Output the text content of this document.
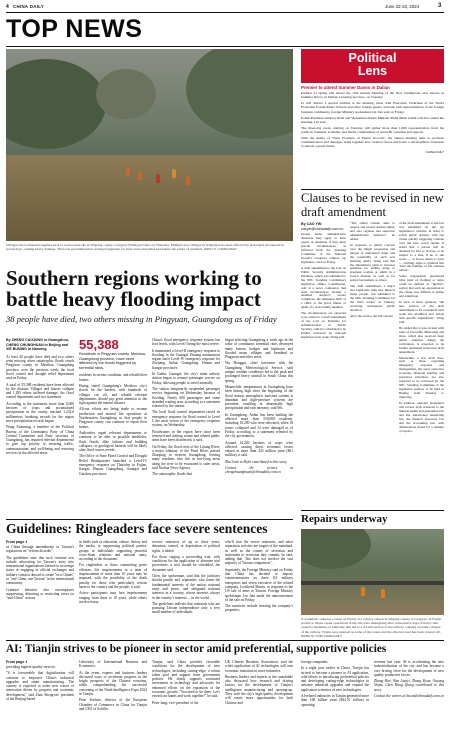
4 CHINA DAILY	June 22-23, 2024	3
TOP NEWS
Villagers move material supplies back to a relocation site in Wujiang county, Longyan (Yulin) province on Thursday. Multiple new villages in Wujiang have been affected by prolonged downpours in recent days, causing heavy damage. The local government has arranged upgrades for land, areas and relief and ensure the safety of residents. ZHOU YI / CHINA DAILY
Southern regions working to battle heavy flooding impact
38 people have died, two others missing in Pingyuan, Guangdong as of Friday
By ZHENG CAIXIONG in Guangzhou,
CHENG CHUNGHUAN in Beijing and
XIE BUNING in Nanning

At least 40 people have died and two others went missing when catastrophic floods struck Pingyuan county in Meizhou, Guangdong province, over the previous week, the local flood control and drought relief department said on Friday.

A total of 55,388 residents have been affected by the disaster. Villages and houses collapse and 1,285 others suffered damage, the flood control department said in a statement.

According to the statement, more than 8,000 hectares of crops and accumulated precipitation in the county reached 1,232.6 millimeters, breaking records for the region since precipitation records began.

Wang Xiaoming, a member of the Political Bureau of the Communist Party of China Central Committee and Party secretary of Guangdong, has required relevant departments to give top priority to ensuring traffic, communication, and well-being and restoring services in the affected areas.

55,388
Residents in Pingyuan county, Meizhou, Guangdong province, have been affected by the floods triggered by torrential rains.

residents in serious condition, and rebuild their homes.

Huang stated Guangdong's Meizhou city's floods hit the hardest, with hundreds of villages cut off, and rebuild relevant departments should pay great attention to the fight against the natural disaster.

All-out efforts are being made to resume production and normal life operations at Northeastern Guangdong so that people in Pingyuan county can continue to repair their homes.

Authorities urged relevant departments to continue to be alert to possible landslides, flash floods, dike failures and building collapses, as geological hazards will be likely after flood waters recede.

The Office of State Flood Control and Drought Relief Headquarters launched a Level-IV emergency response on Thursday in Fujian, Jiangxi, Hunan, Guangdong, Guangxi and Guizhou provinces.

China's flood emergency response system has four levels, with Level I being the most severe.

It maintained a Level-II emergency response to flooding in the Guangxi Zhuang autonomous region and a Level-IV emergency response for Zhejiang, Anhui, Guangdong, Hunan and Jiangxi provinces.

In Guilin, Guangxi, the city's main railway station began to resume passenger service on Friday, allowing people to travel normally.

The station temporarily suspended passenger service beginning on Wednesday because of flooding. Nearly 600 passengers and some stranded waiting area, according to a statement released by the station.

The local flood control department raised its emergency response for flood control to Level I, the most severe of the emergency response system, on Wednesday.

Floodwaters in the region have since been removed and waiting rooms and related public areas have been disinfected, it said.

On Friday, the flood crest of the Lijiang River, a major tributary of the Pearl River, passed Zhaoping in western Guangdong, leaving many residents who live in low-lying areas along the river to be evacuated to safer areas, said Xinhua News Agency.

The catastrophic floods that

began affecting Guangdong a week ago in the wake of continuous torrential rains destroyed many houses, bridges and highways and flooded many villages and farmland in Pingyuan and other areas.

Wu Honggui, chief forecaster with the Guangdong Meteorological Service, said unique weather conditions led to the peak and prolonged heavy rainfall in South China this spring.

Meanwhile, temperatures in Guangdong have been hitting high since the beginning of the flood season, atmospheric moisture content is abundant and high-pressure systems are prevalent, resulting in abnormally high precipitation and rain intensity, said Wu.

In Guangdong, Anhui has been battling the affected more than 550,000 residents, including 10,200 who were relocated, when 18 towns collapsed and 14 were damaged as of Friday, according to a statement released by the city government.

Around 14,240 hectares of crops were affected, causing direct economic losses valued at more than 443 million yuan ($61 million), it said.

Zhu Lixin in Hefei contributed to this story.

Contact the writers at chengchuanghuan@chinadaily.com.cn

Political
Lens
Premier to attend Summer Davos in Dalian

Premier Li Qiang will attend the 15th Annual Meeting of the New Champions, also known as Summer Davos, in Dalian, Liaoning province, on Tuesday.

Li will deliver a special address at the meeting, meet with Executive Chairman of the World Economic Forum Klaus Schwab and other foreign guests, and talk with representatives of the foreign business community, foreign Ministry spokesman Lin Jian said on Friday.

Polish President Andrzej Duda and Vietnamese Prime Minister Pham Minh Chinh will also attend the meeting, Lin said.

The three-day event, starting on Tuesday, will gather more than 1,600 representatives from the political, business, academic and media communities of about 80 countries and regions.

With the theme of "Next Frontiers of Future Growth", the annual meeting aims to promote communication and dialogue, bring together new creative forces and foster a development consensus to unlock a green future.

CHINA DAILY
Clauses to be revised in new draft amendment
By CAO YIN
caoyin@chinadaily.com.cn

People under administrative detention may apply to have places of detention if they meet special circumstances, as reflected from the Standing Committee of the National People's Congress, China's top legislature, said on Friday.

A draft amendment to the Law on Public Security Administration Penalties, which was submitted to the NPC Standing Committee's legislative affairs Commission, said at a news conference that such circumstances include a detained subject's severe conditions, the imminent birth of a child, or the grave illness or death of a close family member.

The circumstances are expected to be added to a draft amendment of the Law on Penalties for Administration of Public Security, which is scheduled to be further reviewed by national legislators next week, Wang said.

"The added content aims to respect and protect human rights, and also regulate and supervise administrative behavior," he added.

In response to public concern over the illegal possession and unique of unlicensed drugs and the possibility of such acts harming others, Wang said that the amendment plans to increase penalties for selling drugs to pregnant women or adults in a forced manner, as well as for sexual harassment or others.

The draft amendment, a major and legislative item that impacts many people, was submitted to the NPC Standing Committee for the third review in January, receiving widespread public attention.

After the review, the full version

of the draft amendment to the law was published on the top legislature's website, in order to solicit public opinion, with one clause quickly triggering a debate over the new social media. It stated that a person will be detained for five to 10 days, or be subject to a fine, if he or she wears — or forces others to wear — clothing, signs or symbols that "hurt the feelings of the Chinese nation".

Some respondents questioned what kind of clothing or signs could be defined as "hurtful", saying that such an expression in the clause was difficult to define and adjudicate.

In view of those opinions, "the new version of the draft amendment to be considered next week has modified that article with specific stipulations", Wang said.

He added that it was revised with rules of favorable illustrating and more, which also received huge public attention during the solicitation, is expected to be further optimized in the new draft amendment.

Meanwhile, a few draft laws, such as those regarding emergency response and management, the rural collective economy, financial stability and preschool education, are also expected to be reviewed by the NPC Standing Committee at the legislative session, to be held in Beijing from Tuesday to Thursday.

In addition, national lawmakers will review draft revisions to the mineral health and quarantine law and the anti-money laundering law, the mineral resources law and the accounting law, with deliberations slated for a number of reports.

Repairs underway
A workman collapses a street on Friday at a railway station in Wuping county of Longyan, in Fujian province. Major repair operations at the site were undergoing after consecutive days of heavy rain caused a landslide on Thursday that led to a 4.3 km section of the railway, causing a partial collapse of the railway. Trains were delayed as some of the routes and the affected road has been cleared off. WANG SI / FOR CHINA DAILY
Guidelines: Ringleaders face severe sentences
From page 1

of China through amendments to Taiwan's regulations on "reform disorder".

The guidelines state that such criminal acts include advocating for Taiwan's entry into international organizations limited to sovereign states or engaging in official exchanges and military contacts abroad to create "two Chinas" or "one China, one Taiwan" in the international community.

Criminal behavior also encompasses suppressing, distorting or restricting views on "anti-China" actions

in fields such as education, culture, history and the media, or suppressing political parties, groups or individuals supporting peaceful cross-Strait relations and national unity, according to the document.

For ringleaders or those committing grave offenses, life imprisonment or a term of imprisonment of more than 10 years may be imposed, with the possibility of the death penalty for those who particularly serious harm to the country and the people, it said.

Active participants may face imprisonment ranging from three to 10 years, while others involved may

receive sentences of up to three years, detention, control, or deprivation of political rights, it added.

For those staging a proceeding trial, with conditions for the application of absentee trial procedures, a trial should be scheduled, the document said.

Chen, the spokesman, said that the judiciary should punish and separatists who harm the fundamental interests of the nation, national unity and peace, and safeguard national interests in a country, whose interests always in the country's interests ... in the world.

The guidelines indicate that criminals who are pursuing Taiwan independence only a very small number of individuals

who'll face the severe sentences, and other separatists activists are targets of the mainland, as well as the crimes of secession and incitement to secession they commit, he said, adding that "this does not involve the vast majority of Taiwan compatriots".

Separately, the Foreign Ministry said on Friday that China has decided to impose countermeasures on three US military enterprises and seven executive of the related company, Lockheed Martin, in response to the US sale of arms to Taiwan. Foreign Ministry spokesman Lin Jian made the announcement of the sale on Friday.

The sanctions include freezing the company's properties.

AI: Tianjin strives to be pioneer in sector amid preferential, supportive policies
From page 1

providing highest-quality services.

"It is foreseeable that digitalization will continue to empower China's industrial upgrades and smart manufacturing. The country is expected to usher new waves of innovation driven by progress and economic development," said Zhao Shengwei, president of the Beijing-based

University of International Business and Economics.

At the event, experts and business leaders discussed ways to accelerate progress in the bright prospects of the Chinese economy, while comprehending the successful convening of the Ninth Intelligence Expo 2024 in Tianjin.

Peter Stichter, director of the European Chamber of Commerce in China for Tianjin and CEO of Schiller

Tianjin, said China provides favorable conditions for the development of new technologies, including cutting-edge, a robust talent pool and support from government policies. He firmly supports continued investment in technology and advocates for enhanced efforts on the expansion of the economic growth. "You need to be there. Let's extend our hands and work together!" he said.

Peter Jung, vice-president of the

UK Chinese Business Association, said the wider application of AI technologies will turn economic transition in more industries.

Business leaders and experts at the roundtable also discussed how research and driving factors for the development of Tianjin's intelligence manufacturing and opening-up. They said the city's high-quality development will create more opportunities for both Chinese and

foreign companies.

In a night post earlier in China, Tianjin has strived to become a pioneer in AI application, with efforts to introducing preferential policies and developing cutting-edge technologies to advance industrial upgrades and expand the application scenarios of new technologies.

AI-related industries in Tianjin generated more than 168 billion yuan ($44.51 billion) in operating

revenue last year. AI is accelerating the new industrialization of the city and has become a core driving force for the development of new quality productive forces.

Zhang Hao, Wan Lianyi, Zhang Yiyun, Ouyang Shijia, Chen Hong Qiang contributed to this story.

Contact the writers at liuxin@chinadaily.com.cn
